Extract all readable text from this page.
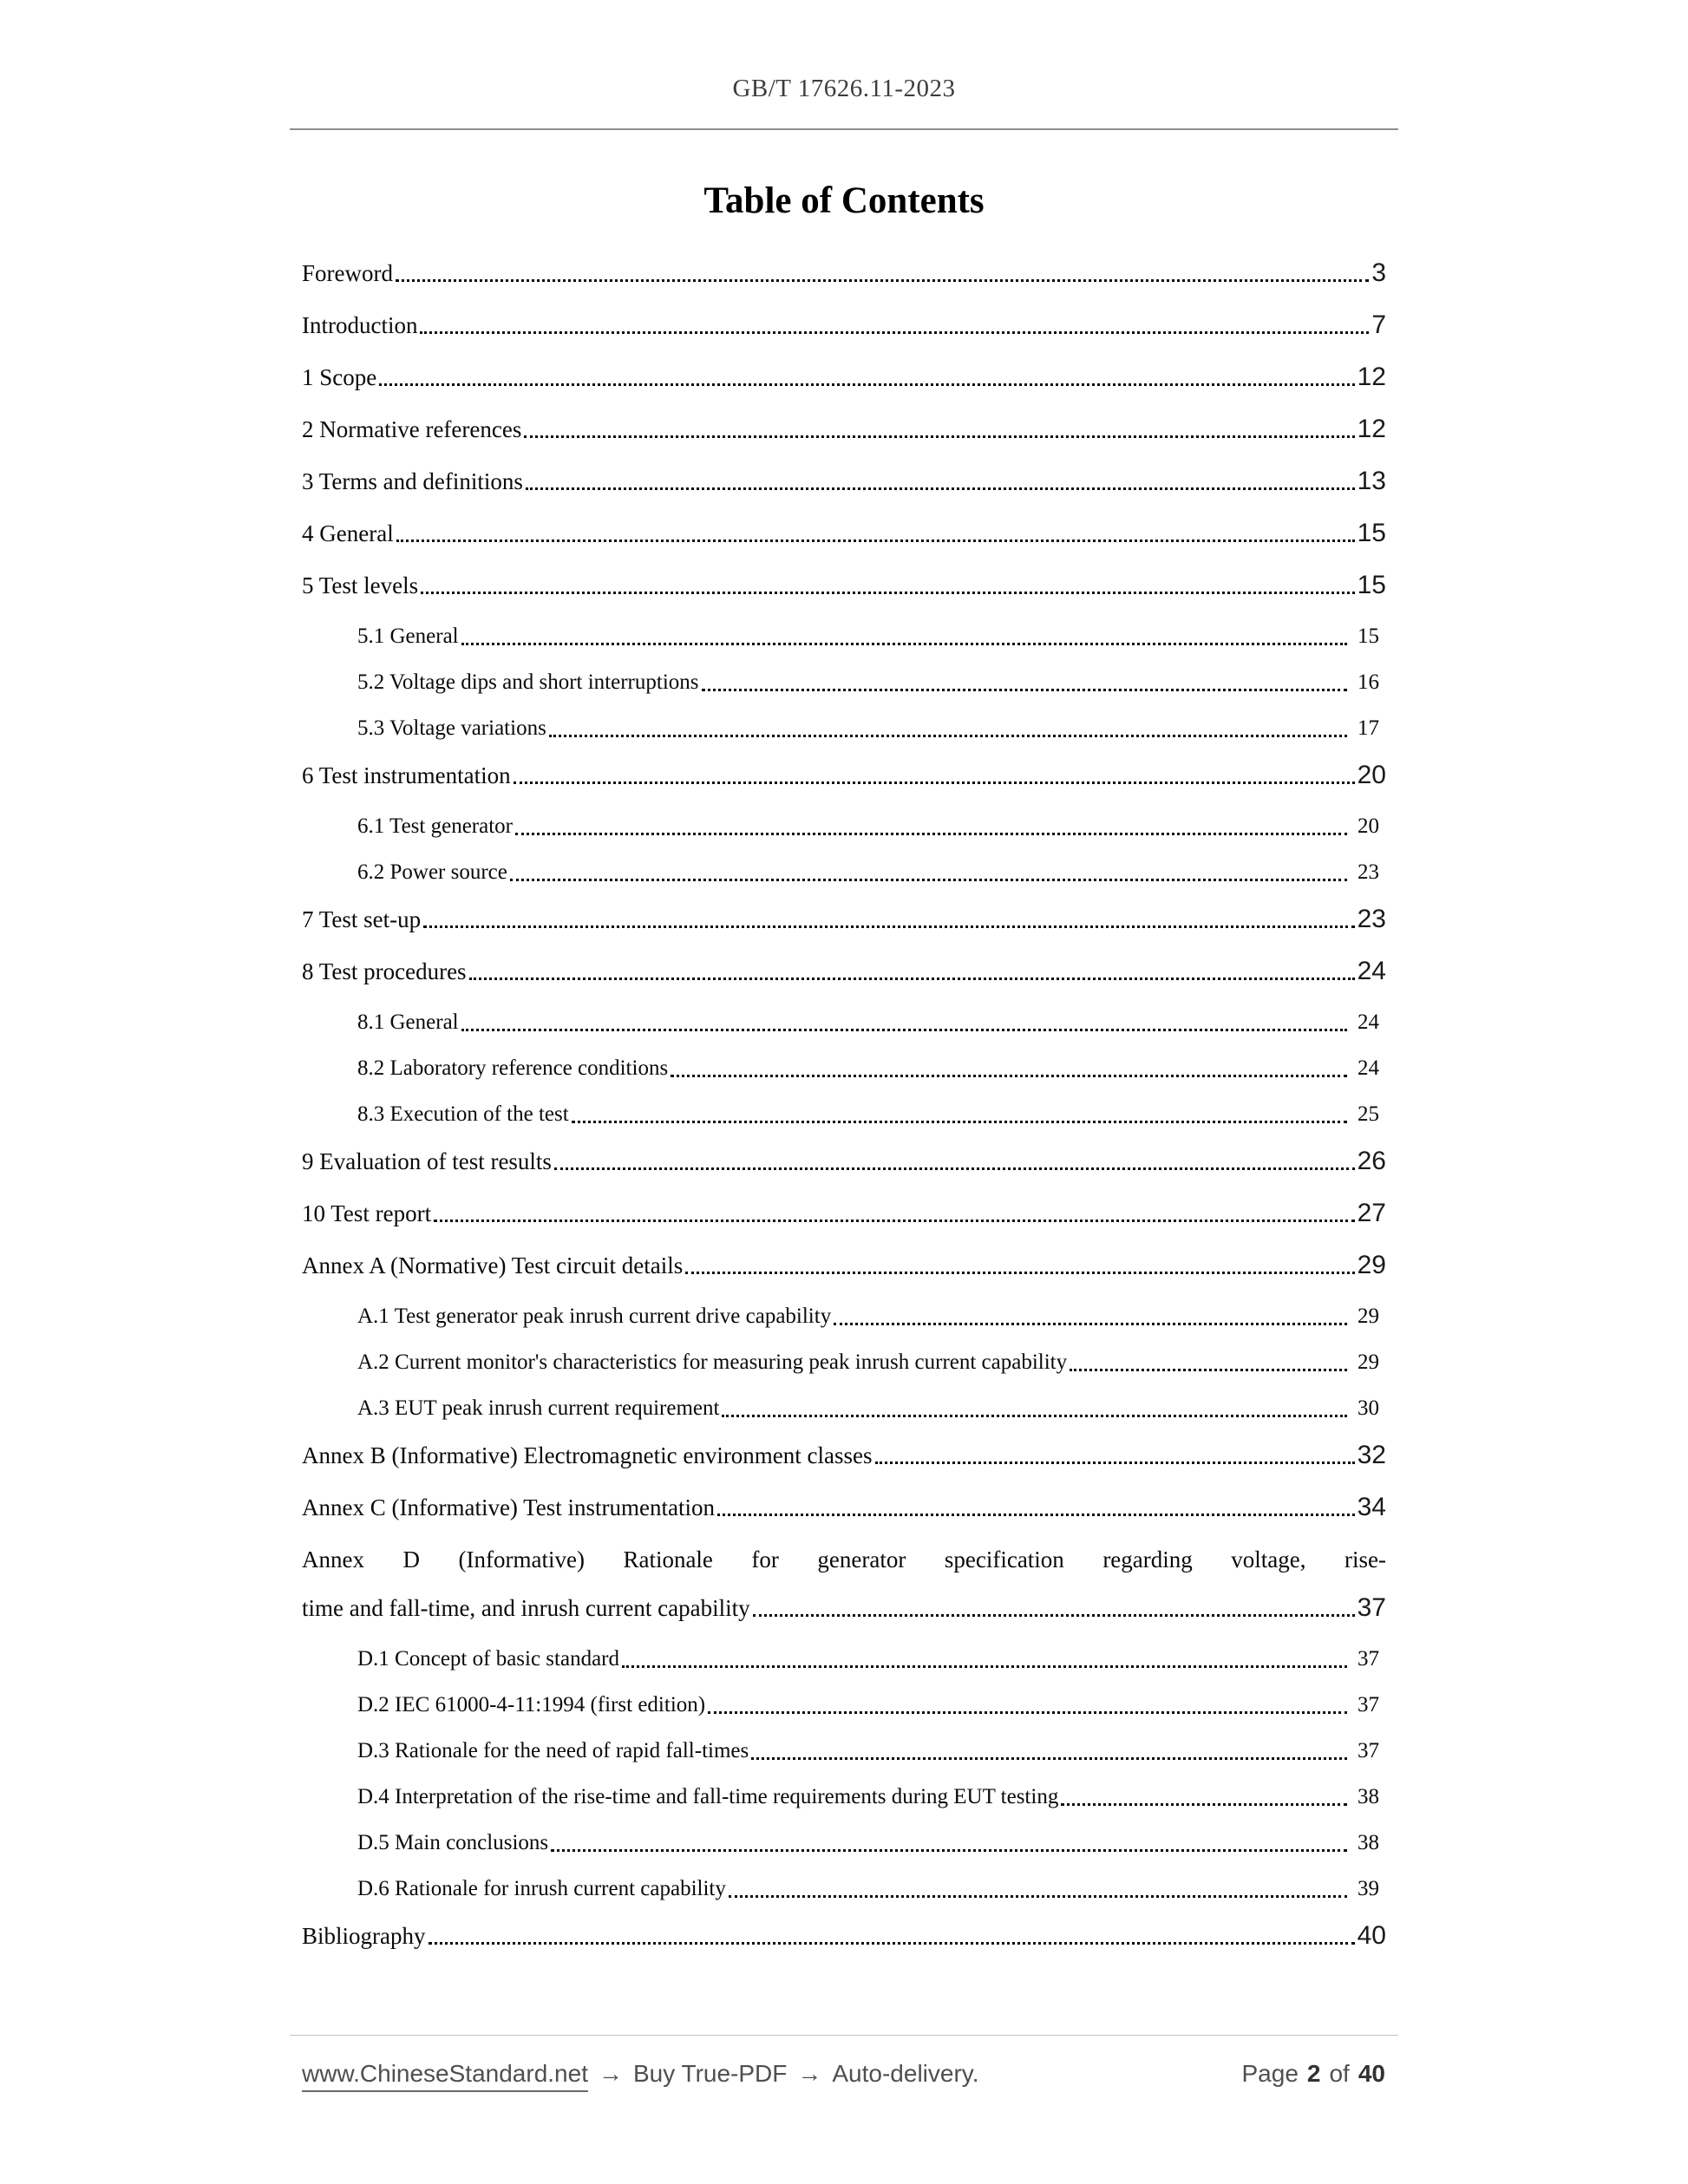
GB/T 17626.11-2023
Table of Contents
Foreword	3
Introduction	7
1 Scope	12
2 Normative references	12
3 Terms and definitions	13
4 General	15
5 Test levels	15
5.1 General	15
5.2 Voltage dips and short interruptions	16
5.3 Voltage variations	17
6 Test instrumentation	20
6.1 Test generator	20
6.2 Power source	23
7 Test set-up	23
8 Test procedures	24
8.1 General	24
8.2 Laboratory reference conditions	24
8.3 Execution of the test	25
9 Evaluation of test results	26
10 Test report	27
Annex A (Normative) Test circuit details	29
A.1 Test generator peak inrush current drive capability	29
A.2 Current monitor's characteristics for measuring peak inrush current capability	29
A.3 EUT peak inrush current requirement	30
Annex B (Informative) Electromagnetic environment classes	32
Annex C (Informative) Test instrumentation	34
Annex D (Informative) Rationale for generator specification regarding voltage, rise-
time and fall-time, and inrush current capability	37
D.1 Concept of basic standard	37
D.2 IEC 61000-4-11:1994 (first edition)	37
D.3 Rationale for the need of rapid fall-times	37
D.4 Interpretation of the rise-time and fall-time requirements during EUT testing	38
D.5 Main conclusions	38
D.6 Rationale for inrush current capability	39
Bibliography	40
www.ChineseStandard.net → Buy True-PDF → Auto-delivery.	Page 2 of 40
